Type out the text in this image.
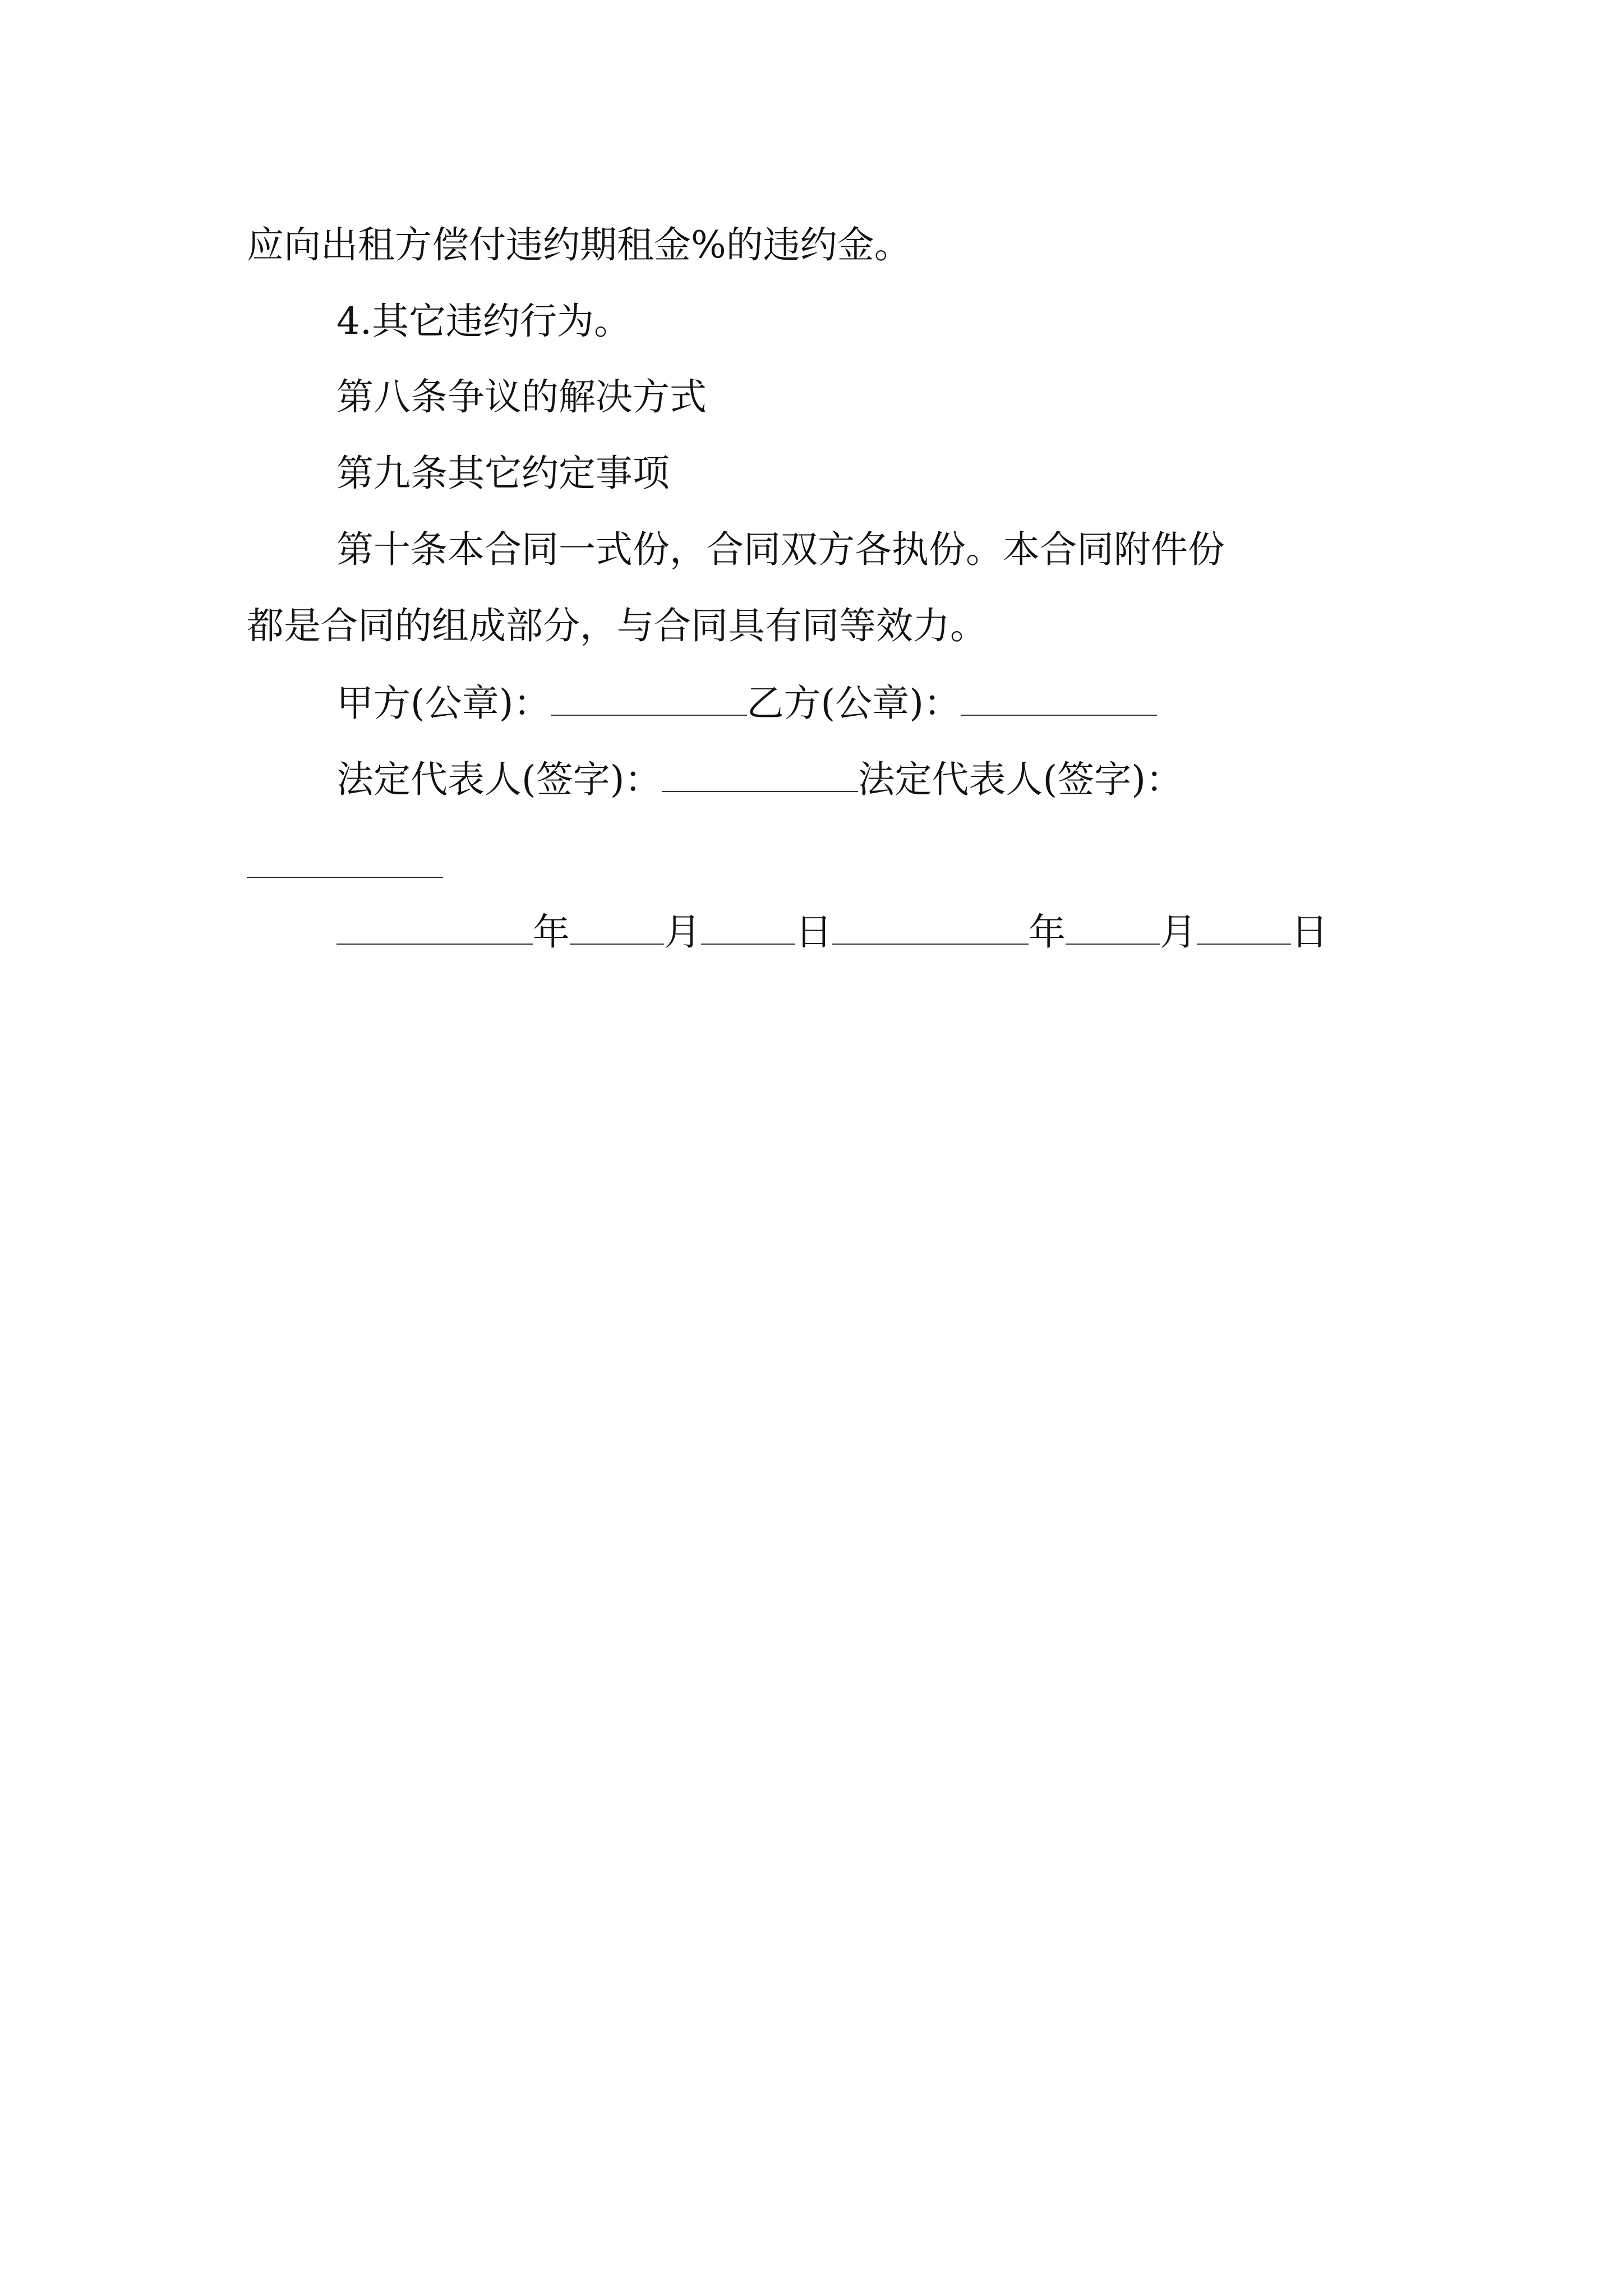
应向出租方偿付违约期租金%的违约金。

4.其它违约行为。

第八条争议的解决方式

第九条其它约定事项

第十条本合同一式份，合同双方各执份。本合同附件份

都是合同的组成部分，与合同具有同等效力。

甲方(公章)：	乙方(公章)：

法定代表人(签字)：	法定代表人(签字)：

年	月	日	年	月	日
